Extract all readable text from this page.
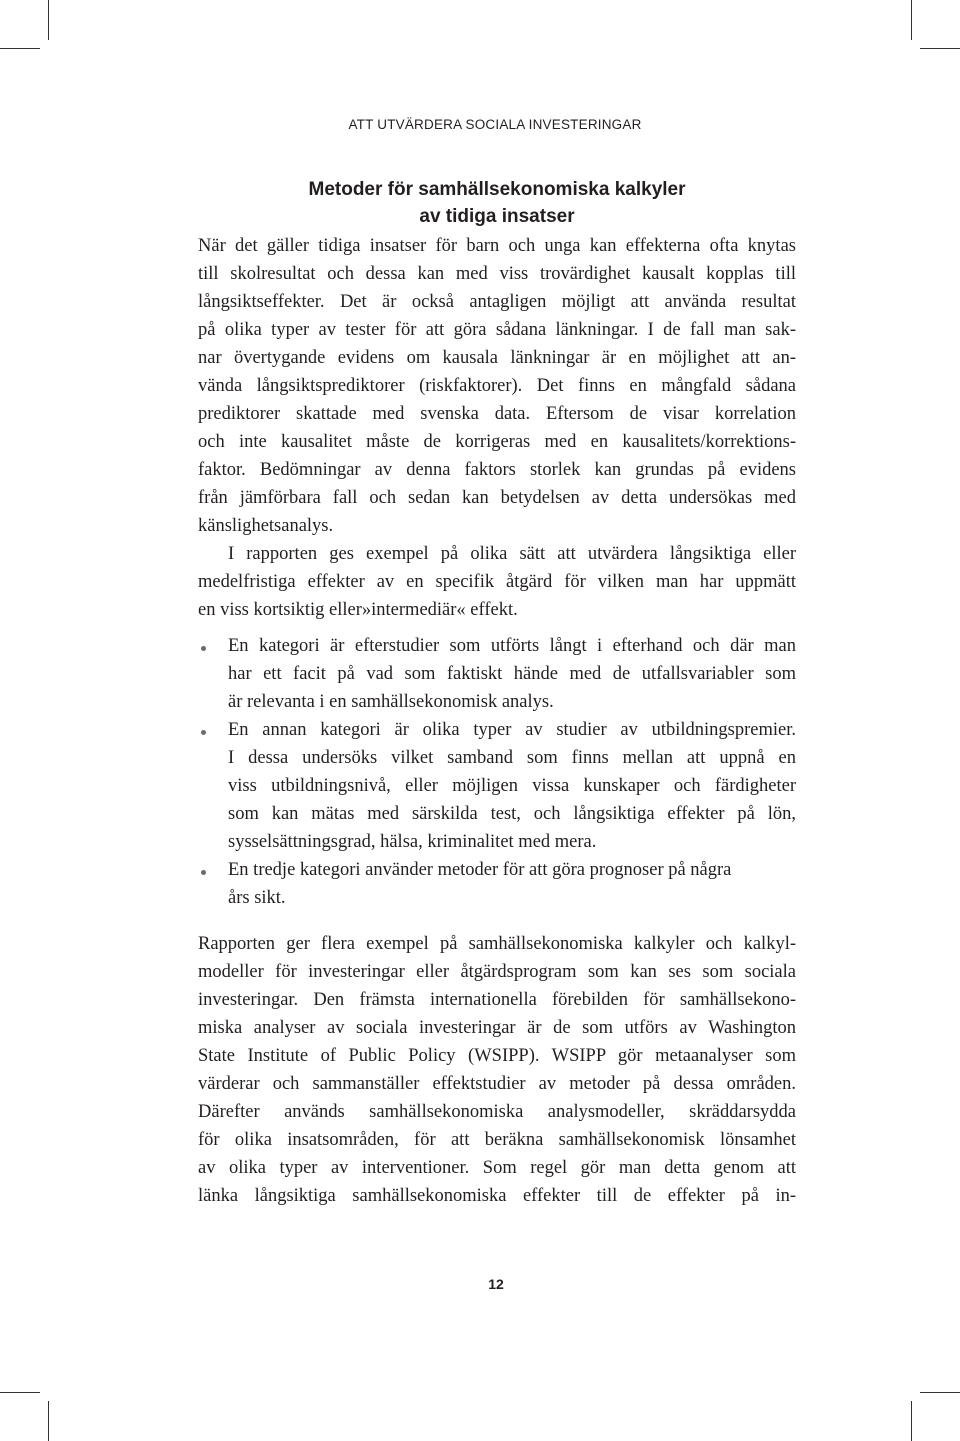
ATT UTVÄRDERA SOCIALA INVESTERINGAR
Metoder för samhällsekonomiska kalkyler
av tidiga insatser
När det gäller tidiga insatser för barn och unga kan effekterna ofta knytas
till skolresultat och dessa kan med viss trovärdighet kausalt kopplas till
långsiktseffekter. Det är också antagligen möjligt att använda resultat
på olika typer av tester för att göra sådana länkningar. I de fall man sak-
nar övertygande evidens om kausala länkningar är en möjlighet att an-
vända långsiktsprediktorer (riskfaktorer). Det finns en mångfald sådana
prediktorer skattade med svenska data. Eftersom de visar korrelation
och inte kausalitet måste de korrigeras med en kausalitets/korrektions-
faktor. Bedömningar av denna faktors storlek kan grundas på evidens
från jämförbara fall och sedan kan betydelsen av detta undersökas med
känslighetsanalys.
I rapporten ges exempel på olika sätt att utvärdera långsiktiga eller
medelfristiga effekter av en specifik åtgärd för vilken man har uppmätt
en viss kortsiktig eller»intermediär« effekt.
En kategori är efterstudier som utförts långt i efterhand och där man
har ett facit på vad som faktiskt hände med de utfallsvariabler som
är relevanta i en samhällsekonomisk analys.
En annan kategori är olika typer av studier av utbildningspremier.
I dessa undersöks vilket samband som finns mellan att uppnå en
viss utbildningsnivå, eller möjligen vissa kunskaper och färdigheter
som kan mätas med särskilda test, och långsiktiga effekter på lön,
sysselsättningsgrad, hälsa, kriminalitet med mera.
En tredje kategori använder metoder för att göra prognoser på några
års sikt.
Rapporten ger flera exempel på samhällsekonomiska kalkyler och kalkyl-
modeller för investeringar eller åtgärdsprogram som kan ses som sociala
investeringar. Den främsta internationella förebilden för samhällsekono-
miska analyser av sociala investeringar är de som utförs av Washington
State Institute of Public Policy (WSIPP). WSIPP gör metaanalyser som
värderar och sammanställer effektstudier av metoder på dessa områden.
Därefter används samhällsekonomiska analysmodeller, skräddarsydda
för olika insatsområden, för att beräkna samhällsekonomisk lönsamhet
av olika typer av interventioner. Som regel gör man detta genom att
länka långsiktiga samhällsekonomiska effekter till de effekter på in-
12
